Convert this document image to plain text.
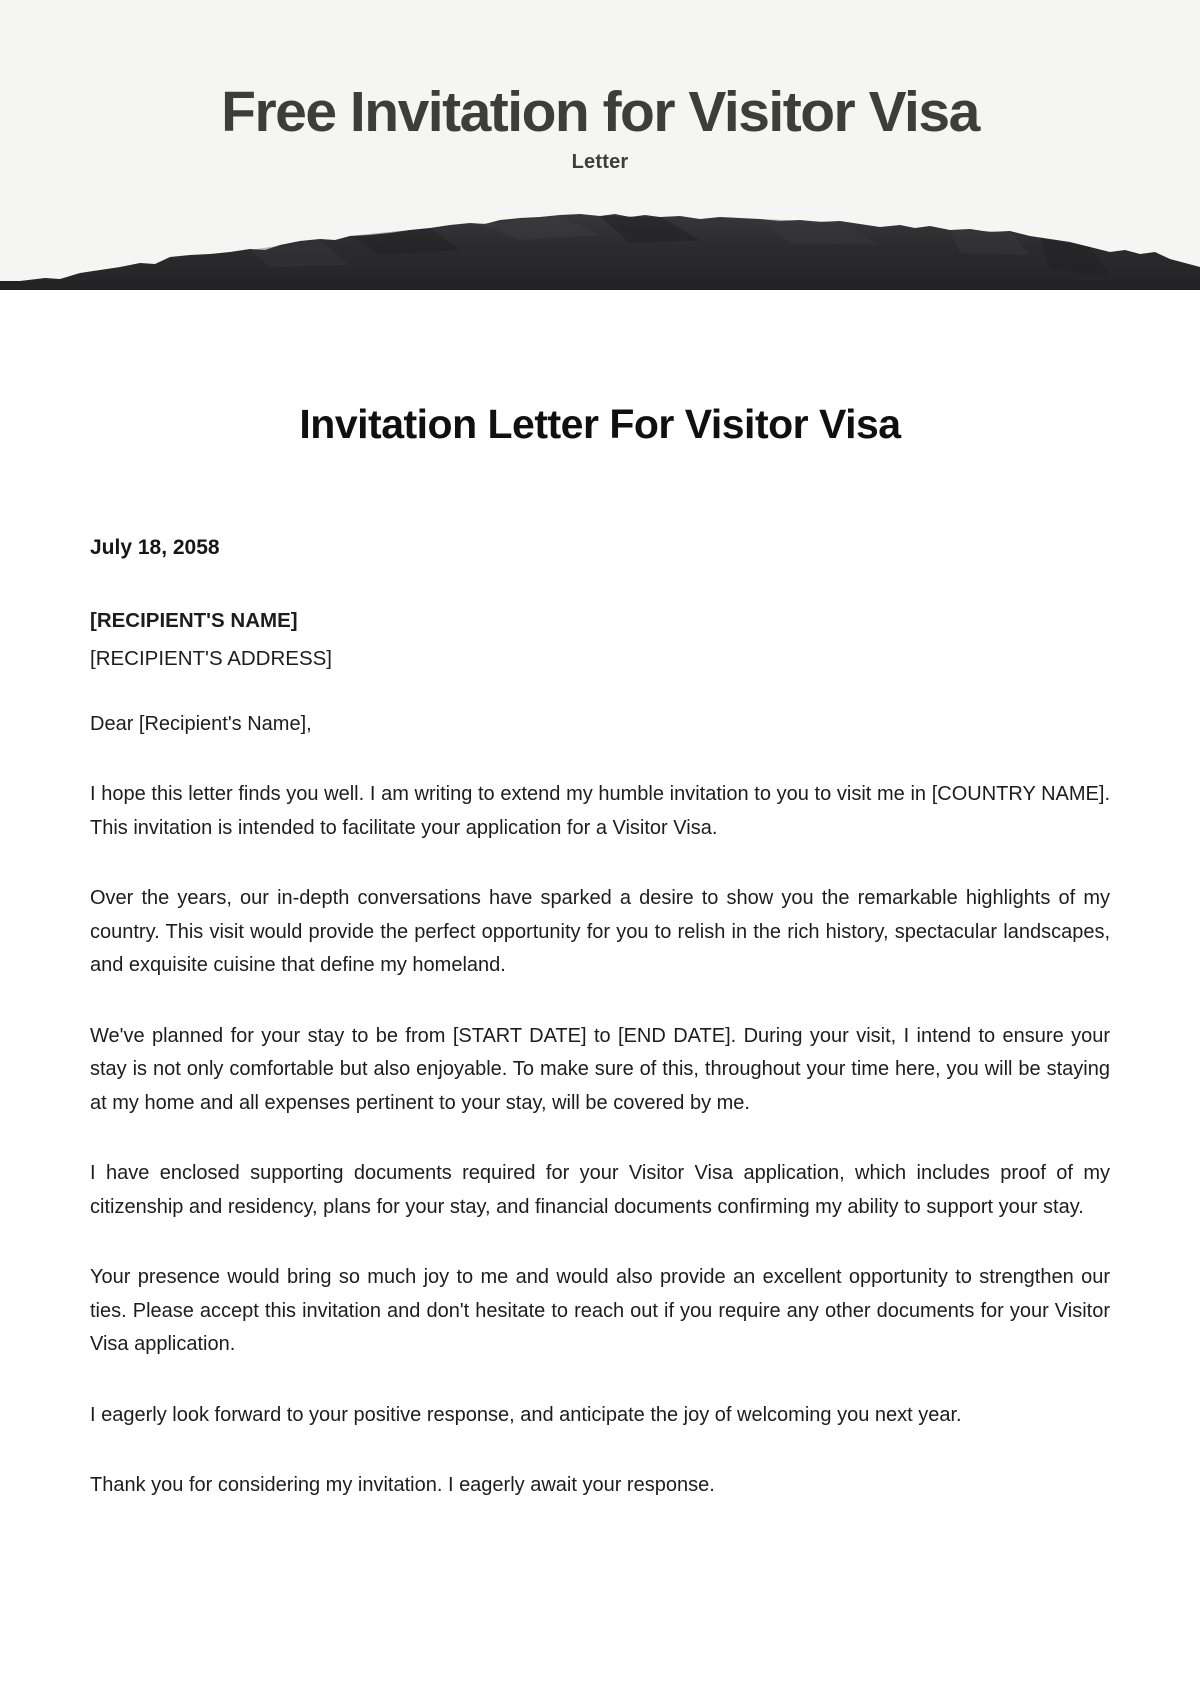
Free Invitation for Visitor Visa
Letter
Invitation Letter For Visitor Visa

July 18, 2058

[RECIPIENT'S NAME]

[RECIPIENT'S ADDRESS]

Dear [Recipient's Name],

I hope this letter finds you well. I am writing to extend my humble invitation to you to visit me in [COUNTRY NAME]. This invitation is intended to facilitate your application for a Visitor Visa.

Over the years, our in-depth conversations have sparked a desire to show you the remarkable highlights of my country. This visit would provide the perfect opportunity for you to relish in the rich history, spectacular landscapes, and exquisite cuisine that define my homeland.

We've planned for your stay to be from [START DATE] to [END DATE]. During your visit, I intend to ensure your stay is not only comfortable but also enjoyable. To make sure of this, throughout your time here, you will be staying at my home and all expenses pertinent to your stay, will be covered by me.

I have enclosed supporting documents required for your Visitor Visa application, which includes proof of my citizenship and residency, plans for your stay, and financial documents confirming my ability to support your stay.

Your presence would bring so much joy to me and would also provide an excellent opportunity to strengthen our ties. Please accept this invitation and don't hesitate to reach out if you require any other documents for your Visitor Visa application.

I eagerly look forward to your positive response, and anticipate the joy of welcoming you next year.

Thank you for considering my invitation. I eagerly await your response.
